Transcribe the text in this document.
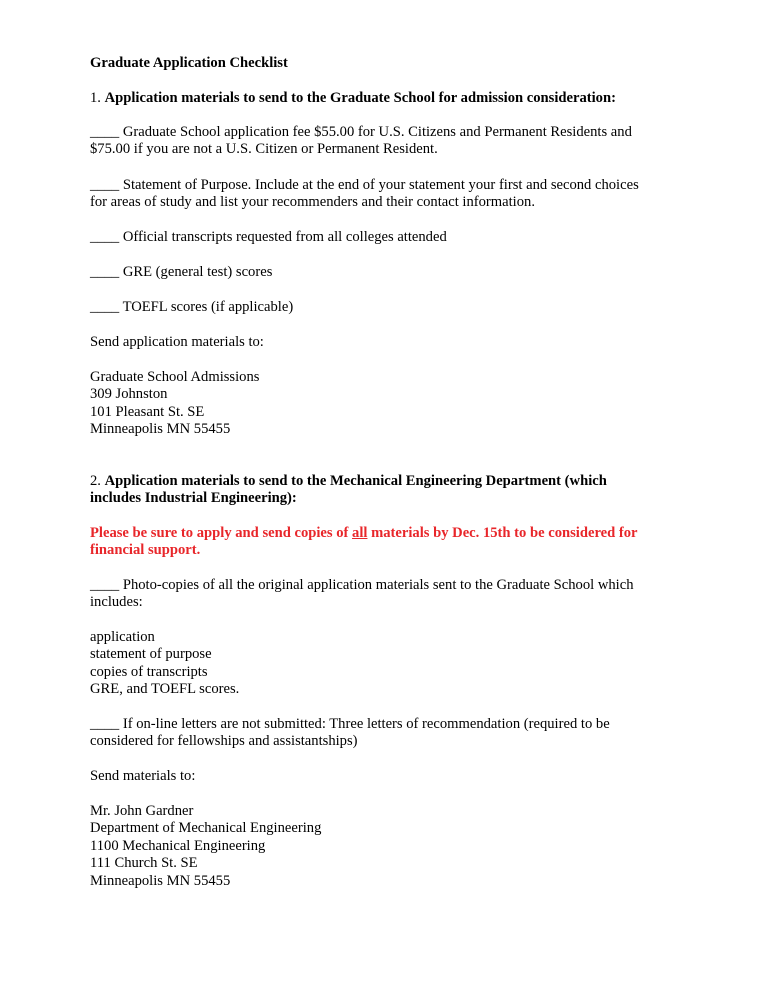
Graduate Application Checklist

1. Application materials to send to the Graduate School for admission consideration:

____ Graduate School application fee $55.00 for U.S. Citizens and Permanent Residents and
$75.00 if you are not a U.S. Citizen or Permanent Resident.

____ Statement of Purpose. Include at the end of your statement your first and second choices
for areas of study and list your recommenders and their contact information.

____ Official transcripts requested from all colleges attended

____ GRE (general test) scores

____ TOEFL scores (if applicable)

Send application materials to:

Graduate School Admissions
309 Johnston
101 Pleasant St. SE
Minneapolis MN 55455

2. Application materials to send to the Mechanical Engineering Department (which
includes Industrial Engineering):

Please be sure to apply and send copies of all materials by Dec. 15th to be considered for
financial support.

____ Photo-copies of all the original application materials sent to the Graduate School which
includes:

application
statement of purpose
copies of transcripts
GRE, and TOEFL scores.

____ If on-line letters are not submitted: Three letters of recommendation (required to be
considered for fellowships and assistantships)

Send materials to:

Mr. John Gardner
Department of Mechanical Engineering
1100 Mechanical Engineering
111 Church St. SE
Minneapolis MN 55455
